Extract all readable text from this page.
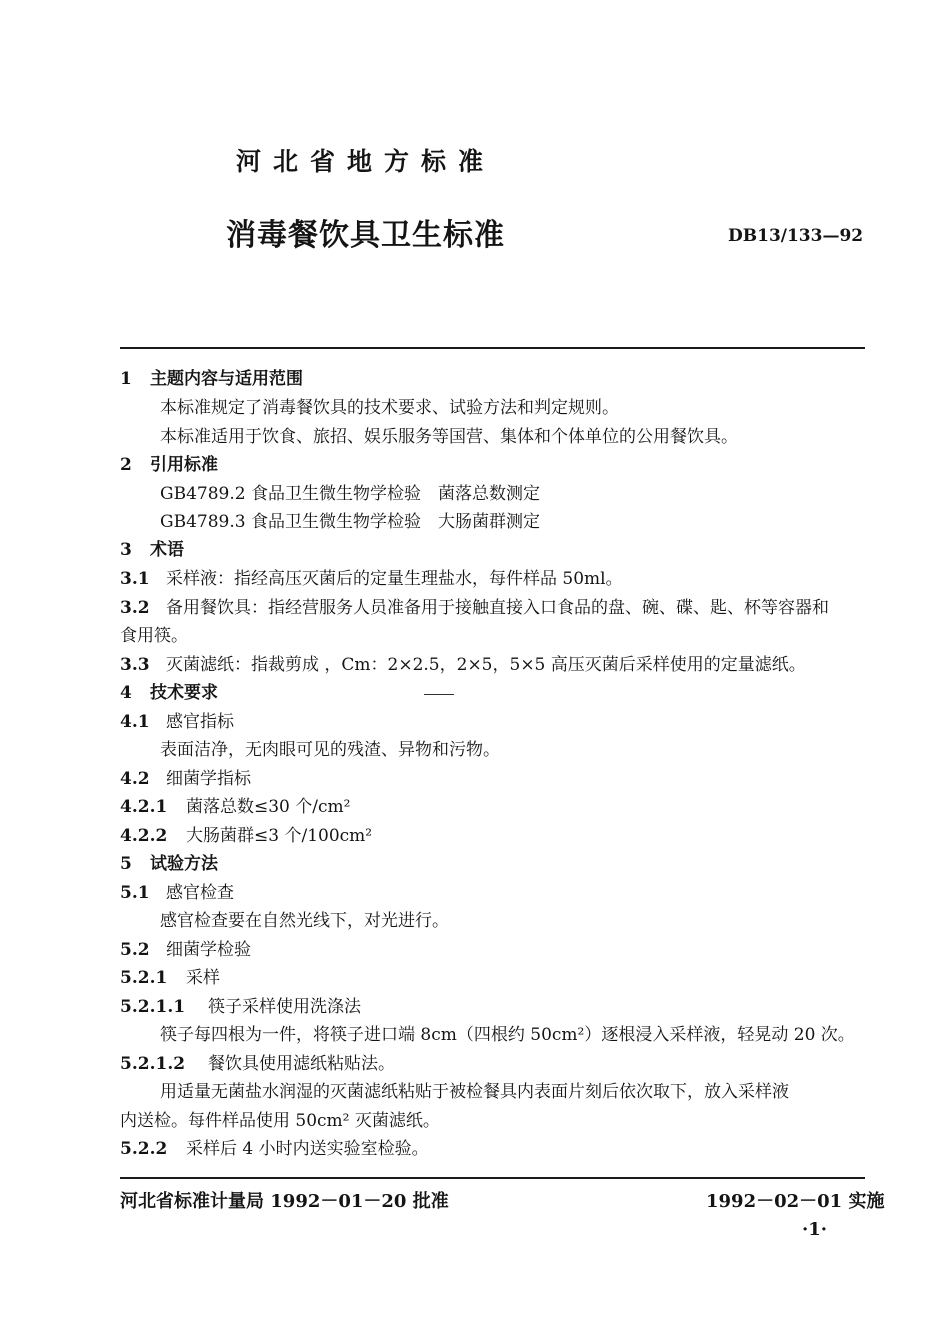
河北省地方标准
消毒餐饮具卫生标准	DB13/133—92
1 主题内容与适用范围
本标准规定了消毒餐饮具的技术要求、试验方法和判定规则。
本标准适用于饮食、旅招、娱乐服务等国营、集体和个体单位的公用餐饮具。
2 引用标准
GB4789.2 食品卫生微生物学检验　菌落总数测定
GB4789.3 食品卫生微生物学检验　大肠菌群测定
3 术语
3.1 采样液：指经高压灭菌后的定量生理盐水，每件样品 50ml。
3.2 备用餐饮具：指经营服务人员准备用于接触直接入口食品的盘、碗、碟、匙、杯等容器和
食用筷。
3.3 灭菌滤纸：指裁剪成 ，Cm：2×2.5，2×5，5×5 高压灭菌后采样使用的定量滤纸。
4 技术要求
4.1 感官指标
表面洁净，无肉眼可见的残渣、异物和污物。
4.2 细菌学指标
4.2.1 菌落总数≤30 个/cm²
4.2.2 大肠菌群≤3 个/100cm²
5 试验方法
5.1 感官检查
感官检查要在自然光线下，对光进行。
5.2 细菌学检验
5.2.1 采样
5.2.1.1 筷子采样使用洗涤法
筷子每四根为一件，将筷子进口端 8cm（四根约 50cm²）逐根浸入采样液，轻晃动 20 次。
5.2.1.2 餐饮具使用滤纸粘贴法。
用适量无菌盐水润湿的灭菌滤纸粘贴于被检餐具内表面片刻后依次取下，放入采样液
内送检。每件样品使用 50cm² 灭菌滤纸。
5.2.2 采样后 4 小时内送实验室检验。
河北省标准计量局 1992－01－20 批准	1992－02－01 实施
·1·
